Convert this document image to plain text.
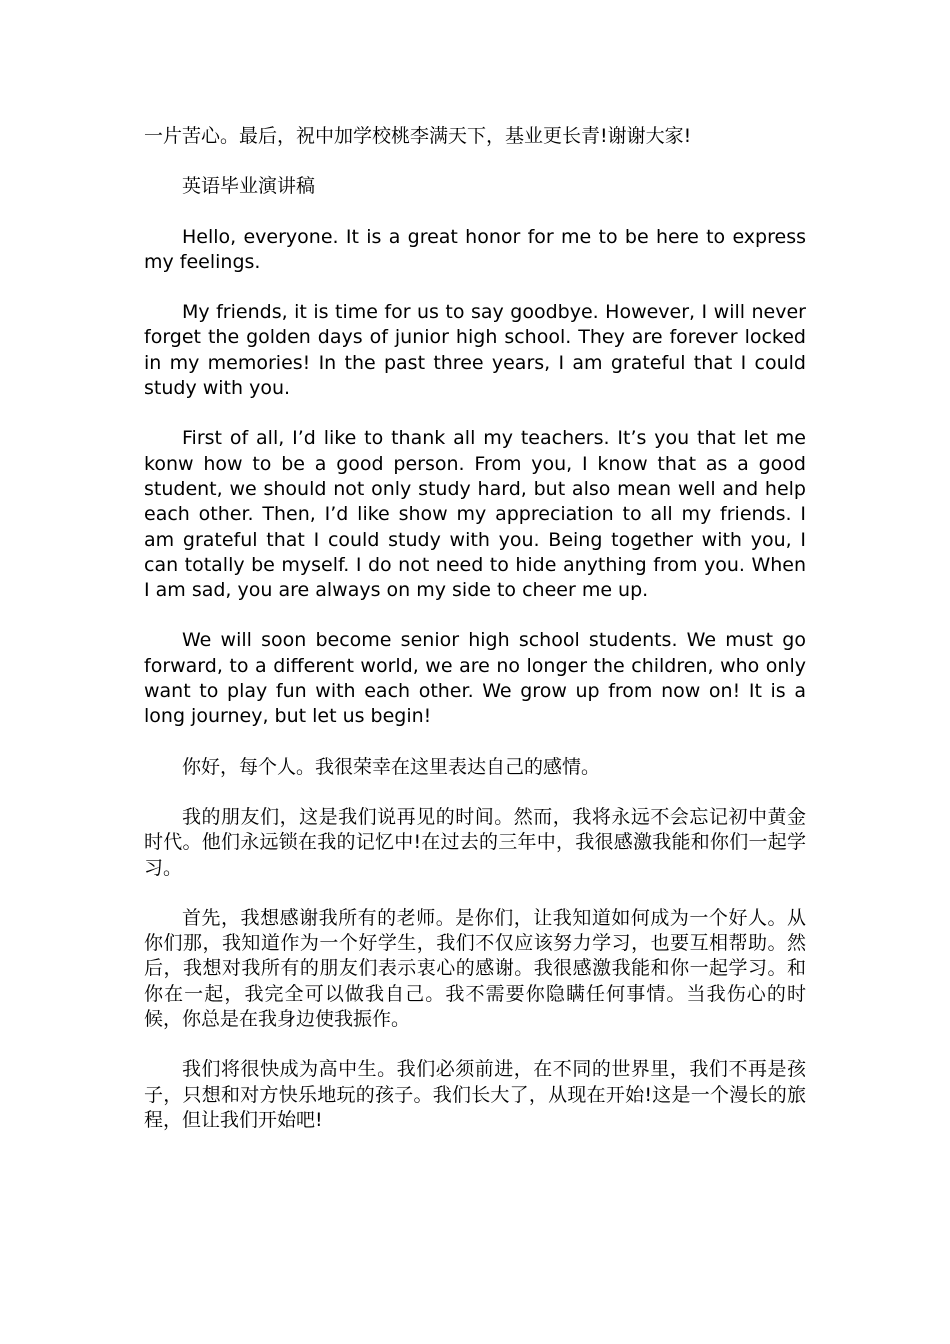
一片苦心。最后，祝中加学校桃李满天下，基业更长青!谢谢大家!

英语毕业演讲稿

Hello, everyone. It is a great honor for me to be here to express my feelings.

My friends, it is time for us to say goodbye. However, I will never forget the golden days of junior high school. They are forever locked in my memories! In the past three years, I am grateful that I could study with you.

First of all, I’d like to thank all my teachers. It’s you that let me konw how to be a good person. From you, I know that as a good student, we should not only study hard, but also mean well and help each other. Then, I’d like show my appreciation to all my friends. I am grateful that I could study with you. Being together with you, I can totally be myself. I do not need to hide anything from you. When I am sad, you are always on my side to cheer me up.

We will soon become senior high school students. We must go forward, to a different world, we are no longer the children, who only want to play fun with each other. We grow up from now on! It is a long journey, but let us begin!

你好，每个人。我很荣幸在这里表达自己的感情。

我的朋友们，这是我们说再见的时间。然而，我将永远不会忘记初中黄金时代。他们永远锁在我的记忆中!在过去的三年中，我很感激我能和你们一起学习。

首先，我想感谢我所有的老师。是你们，让我知道如何成为一个好人。从你们那，我知道作为一个好学生，我们不仅应该努力学习，也要互相帮助。然后，我想对我所有的朋友们表示衷心的感谢。我很感激我能和你一起学习。和你在一起，我完全可以做我自己。我不需要你隐瞒任何事情。当我伤心的时候，你总是在我身边使我振作。

我们将很快成为高中生。我们必须前进，在不同的世界里，我们不再是孩子，只想和对方快乐地玩的孩子。我们长大了，从现在开始!这是一个漫长的旅程，但让我们开始吧!
